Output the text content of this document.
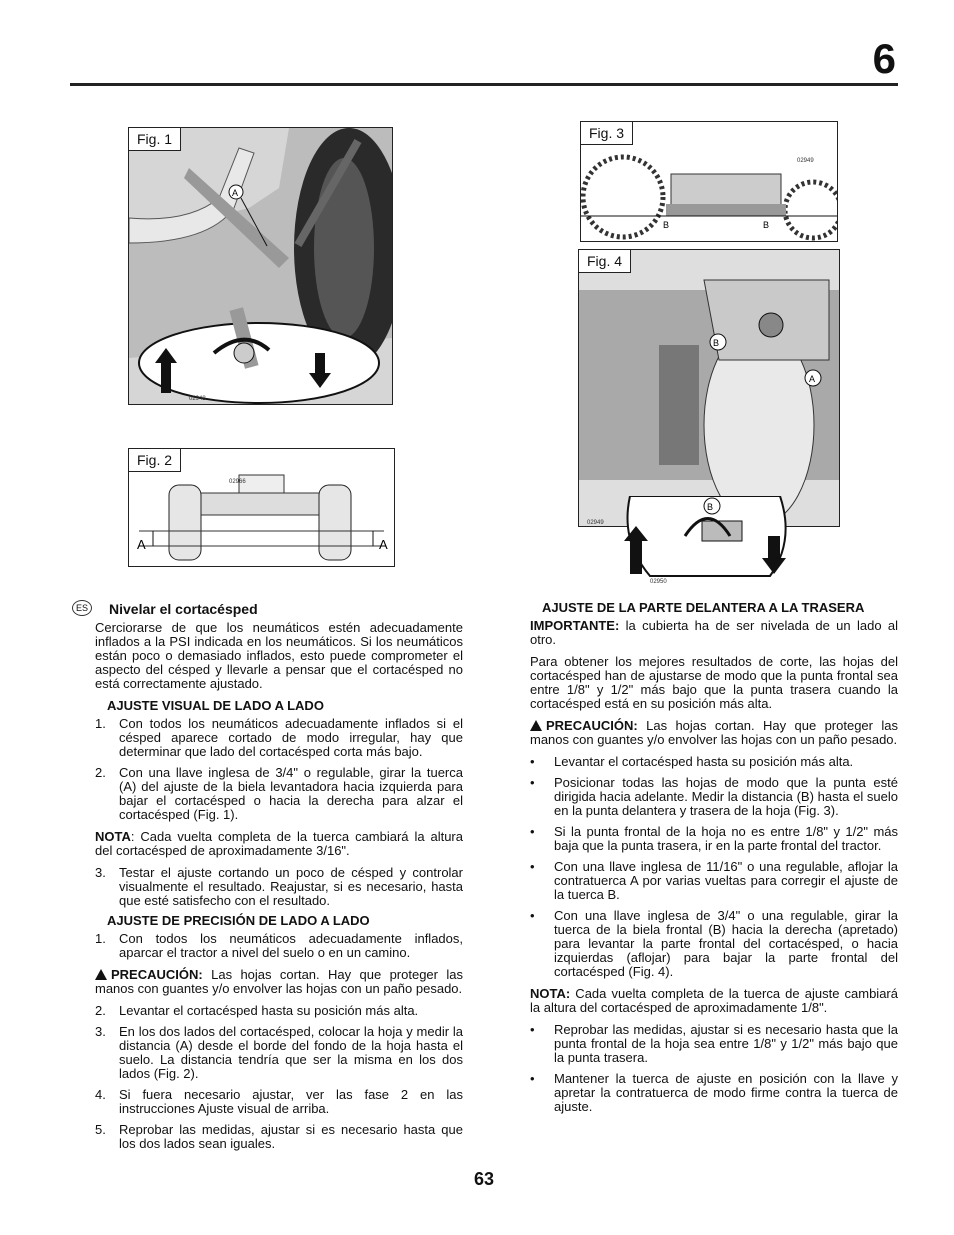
6
Fig. 1
A
02948
Fig. 2
A	A
02966
Fig. 3
B	B
02949
Fig. 4
B
A
02949
B
02950
ES Nivelar el cortacésped

Cerciorarse de que los neumáticos estén adecuadamente inflados a la PSI indicada en los neumáticos. Si los neumáticos están poco o demasiado inflados, esto puede comprometer el aspecto del césped y llevarle a pensar que el cortacésped no está correctamente ajustado.

AJUSTE VISUAL DE LADO A LADO
1. Con todos los neumáticos adecuadamente inflados si el césped aparece cortado de modo irregular, hay que determinar que lado del cortacésped corta más bajo.
2. Con una llave inglesa de 3/4" o regulable, girar la tuerca (A) del ajuste de la biela levantadora hacia izquierda para bajar el cortacésped o hacia la derecha para alzar el cortacésped (Fig. 1).

NOTA: Cada vuelta completa de la tuerca cambiará la altura del cortacésped de aproximadamente 3/16".

3. Testar el ajuste cortando un poco de césped y controlar visualmente el resultado. Reajustar, si es necesario, hasta que esté satisfecho con el resultado.
AJUSTE DE PRECISIÓN DE LADO A LADO
1. Con todos los neumáticos adecuadamente inflados, aparcar el tractor a nivel del suelo o en un camino.

PRECAUCIÓN: Las hojas cortan. Hay que proteger las manos con guantes y/o envolver las hojas con un paño pesado.

2. Levantar el cortacésped hasta su posición más alta.
3. En los dos lados del cortacésped, colocar la hoja y medir la distancia (A) desde el borde del fondo de la hoja hasta el suelo. La distancia tendría que ser la misma en los dos lados (Fig. 2).
4. Si fuera necesario ajustar, ver las fase 2 en las instrucciones Ajuste visual de arriba.
5. Reprobar las medidas, ajustar si es necesario hasta que los dos lados sean iguales.
AJUSTE DE LA PARTE DELANTERA A LA TRASERA

IMPORTANTE: la cubierta ha de ser nivelada de un lado al otro.

Para obtener los mejores resultados de corte, las hojas del cortacésped han de ajustarse de modo que la punta frontal sea entre 1/8" y 1/2" más bajo que la punta trasera cuando la cortacésped está en su posición más alta.

PRECAUCIÓN: Las hojas cortan. Hay que proteger las manos con guantes y/o envolver las hojas con un paño pesado.

• Levantar el cortacésped hasta su posición más alta.
• Posicionar todas las hojas de modo que la punta esté dirigida hacia adelante. Medir la distancia (B) hasta el suelo en la punta delantera y trasera de la hoja (Fig. 3).
• Si la punta frontal de la hoja no es entre 1/8" y 1/2" más baja que la punta trasera, ir en la parte frontal del tractor.
• Con una llave inglesa de 11/16" o una regulable, aflojar la contratuerca A por varias vueltas para corregir el ajuste de la tuerca B.
• Con una llave inglesa de 3/4" o una regulable, girar la tuerca de la biela frontal (B) hacia la derecha (apretado) para levantar la parte frontal del cortacésped, o hacia izquierdas (aflojar) para bajar la parte frontal del cortacésped (Fig. 4).

NOTA: Cada vuelta completa de la tuerca de ajuste cambiará la altura del cortacésped de aproximadamente 1/8".

• Reprobar las medidas, ajustar si es necesario hasta que la punta frontal de la hoja sea entre 1/8" y 1/2" más bajo que la punta trasera.
• Mantener la tuerca de ajuste en posición con la llave y apretar la contratuerca de modo firme contra la tuerca de ajuste.
63
